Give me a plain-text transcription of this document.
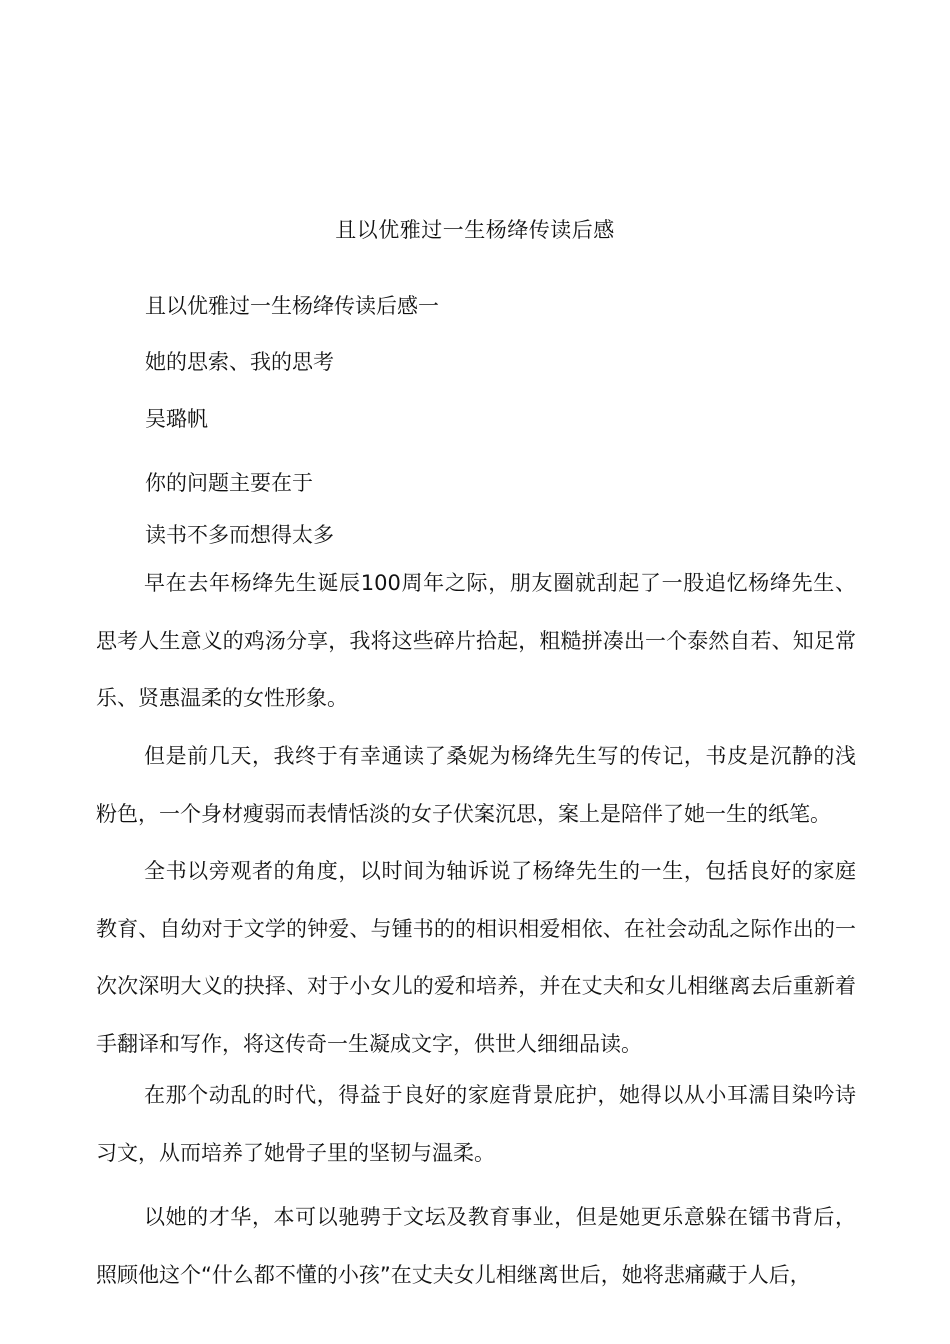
且以优雅过一生杨绛传读后感
且以优雅过一生杨绛传读后感一
她的思索、我的思考
吴璐帆
你的问题主要在于
读书不多而想得太多

早在去年杨绛先生诞辰100周年之际，朋友圈就刮起了一股追忆杨绛先生、思考人生意义的鸡汤分享，我将这些碎片拾起，粗糙拼凑出一个泰然自若、知足常乐、贤惠温柔的女性形象。

但是前几天，我终于有幸通读了桑妮为杨绛先生写的传记，书皮是沉静的浅粉色，一个身材瘦弱而表情恬淡的女子伏案沉思，案上是陪伴了她一生的纸笔。

全书以旁观者的角度，以时间为轴诉说了杨绛先生的一生，包括良好的家庭教育、自幼对于文学的钟爱、与锺书的的相识相爱相依、在社会动乱之际作出的一次次深明大义的抉择、对于小女儿的爱和培养，并在丈夫和女儿相继离去后重新着手翻译和写作，将这传奇一生凝成文字，供世人细细品读。

在那个动乱的时代，得益于良好的家庭背景庇护，她得以从小耳濡目染吟诗习文，从而培养了她骨子里的坚韧与温柔。

以她的才华，本可以驰骋于文坛及教育事业，但是她更乐意躲在镭书背后，照顾他这个“什么都不懂的小孩”在丈夫女儿相继离世后，她将悲痛藏于人后，
